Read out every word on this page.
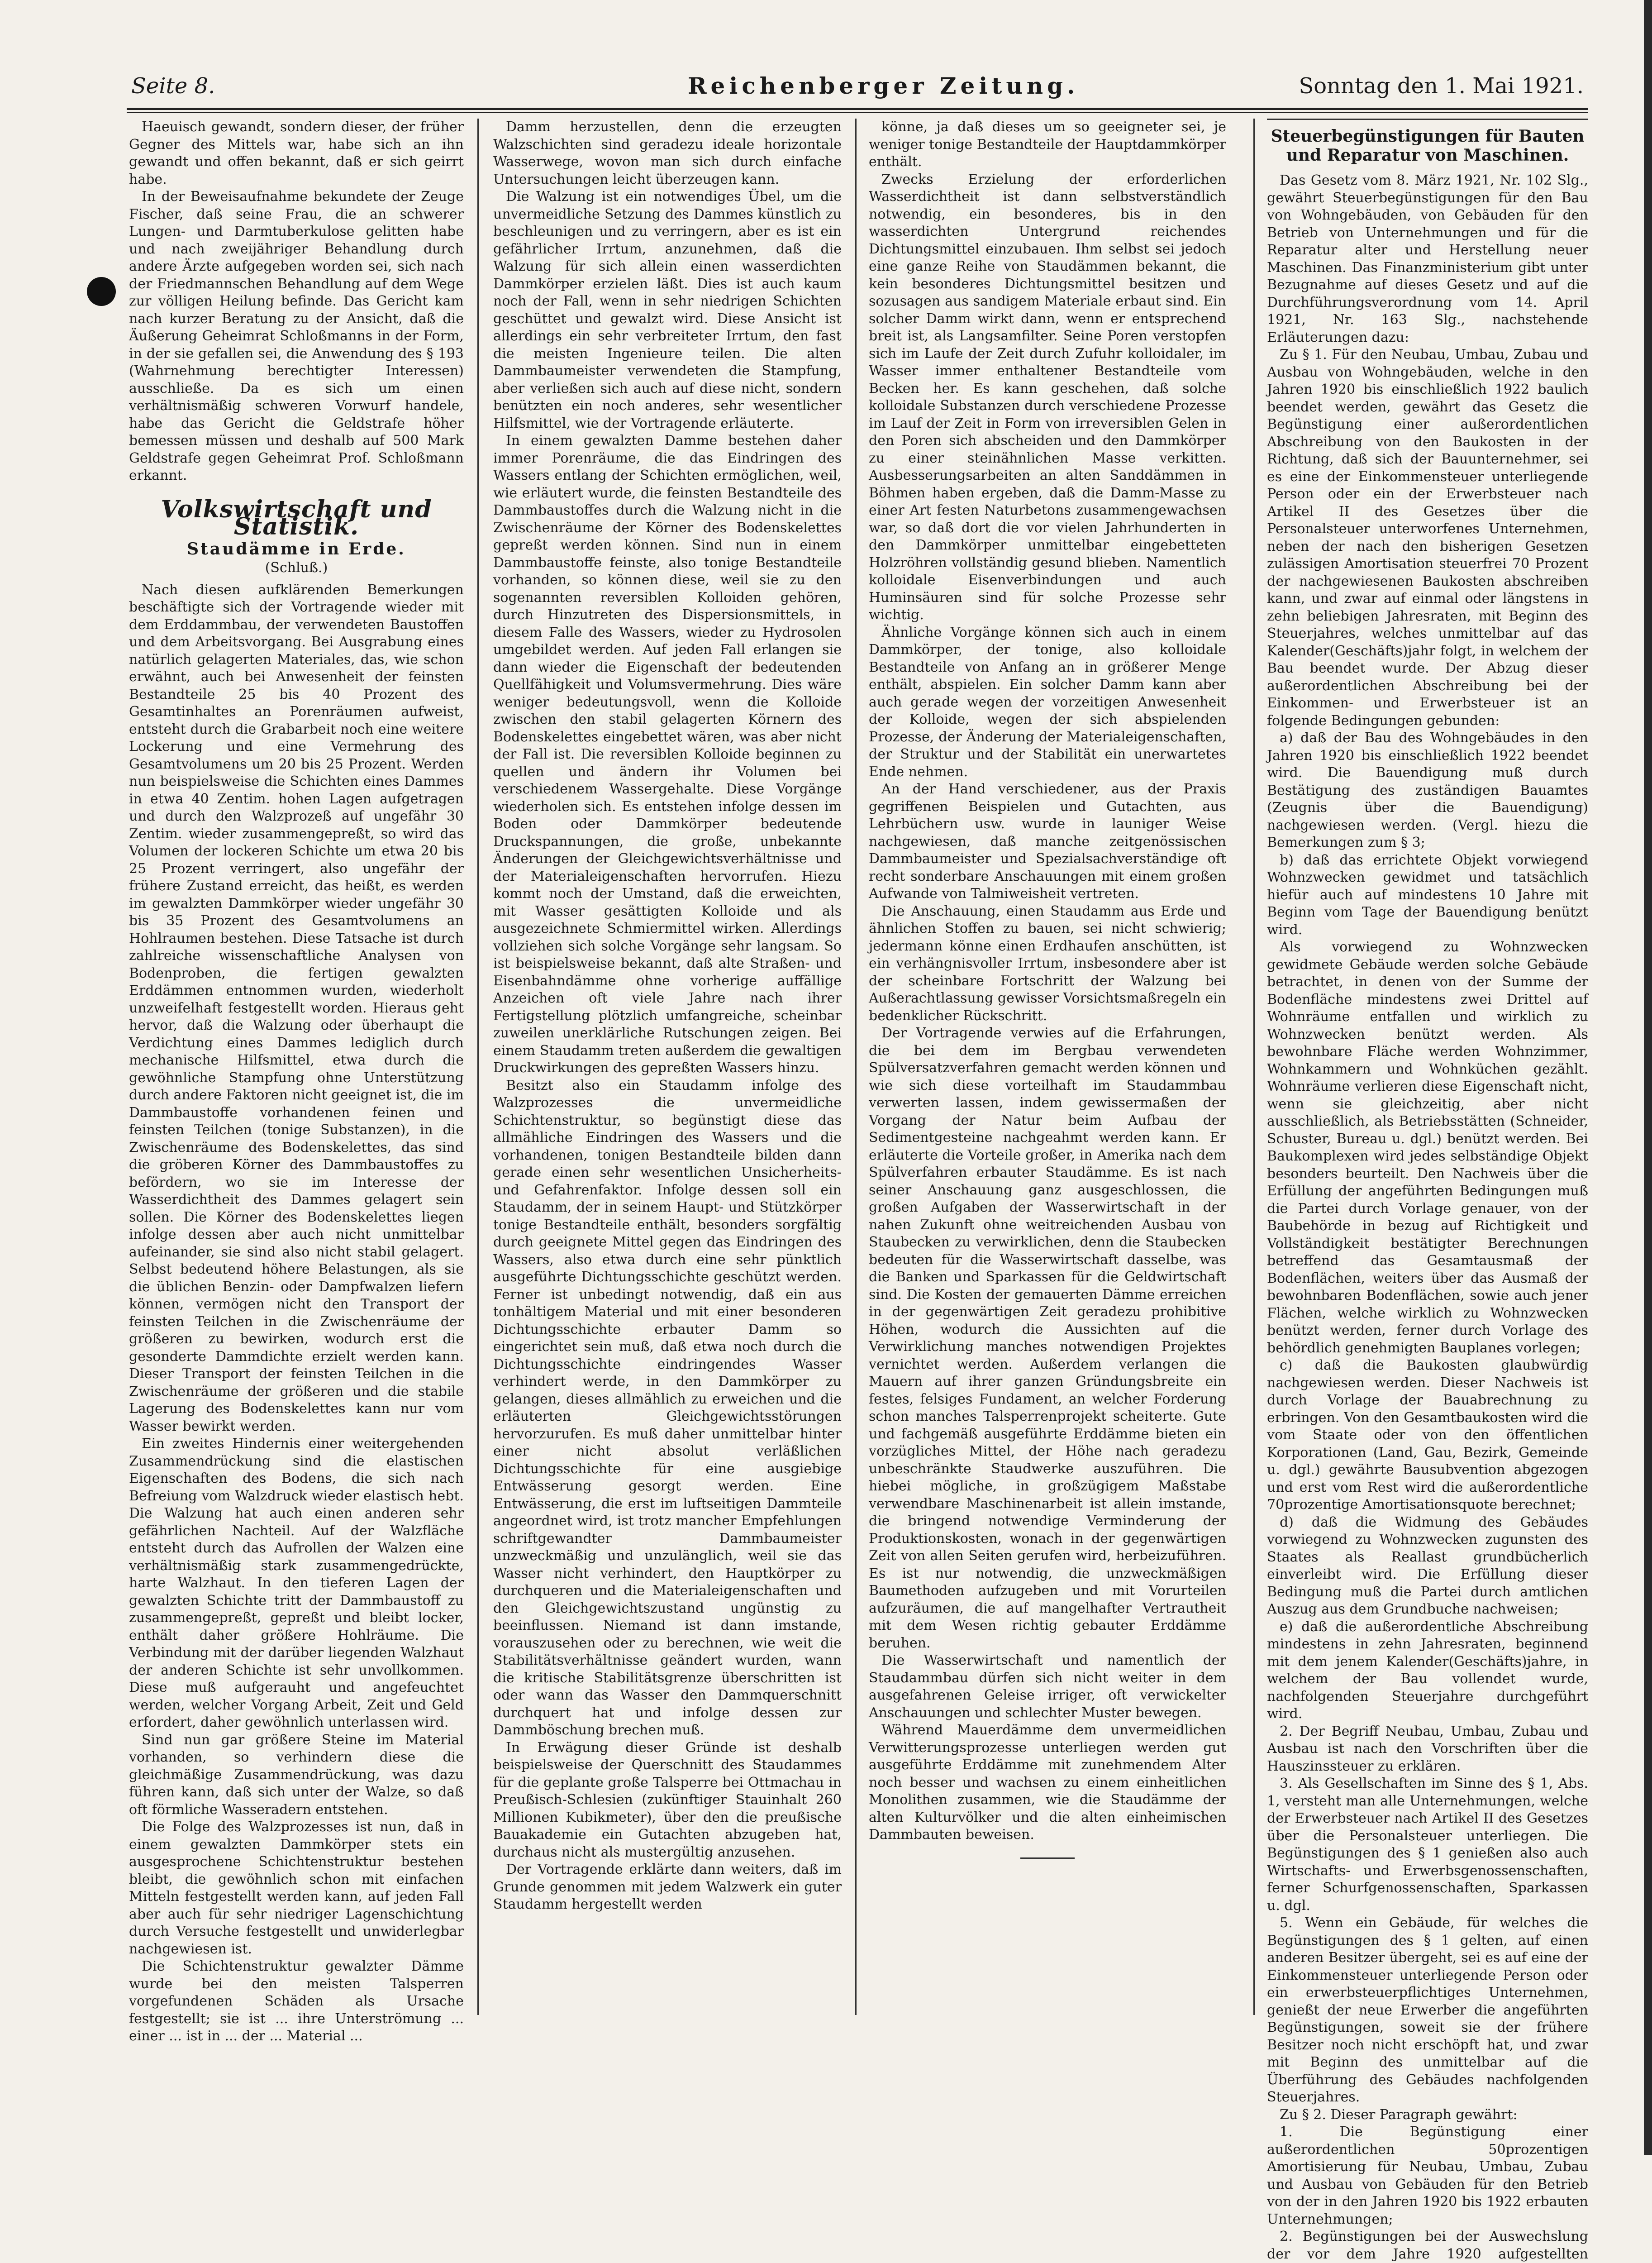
Seite 8.	Reichenberger Zeitung.	Sonntag den 1. Mai 1921.

Haeuisch gewandt, sondern dieser, der früher Gegner des Mittels war, habe sich an ihn gewandt und offen bekannt, daß er sich geirrt habe.

In der Beweisaufnahme bekundete der Zeuge Fischer, daß seine Frau, die an schwerer Lungen- und Darmtuberkulose gelitten habe und nach zweijähriger Behandlung durch andere Ärzte aufgegeben worden sei, sich nach der Friedmannschen Behandlung auf dem Wege zur völligen Heilung befinde. Das Gericht kam nach kurzer Beratung zu der Ansicht, daß die Äußerung Geheimrat Schloßmanns in der Form, in der sie gefallen sei, die Anwendung des § 193 (Wahrnehmung berechtigter Interessen) ausschließe. Da es sich um einen verhältnismäßig schweren Vorwurf handele, habe das Gericht die Geldstrafe höher bemessen müssen und deshalb auf 500 Mark Geldstrafe gegen Geheimrat Prof. Schloßmann erkannt.

Volkswirtschaft und Statistik.
Staudämme in Erde.
(Schluß.)

Nach diesen aufklärenden Bemerkungen beschäftigte sich der Vortragende wieder mit dem Erddammbau, der verwendeten Baustoffen und dem Arbeitsvorgang. Bei Ausgrabung eines natürlich gelagerten Materiales, das, wie schon erwähnt, auch bei Anwesenheit der feinsten Bestandteile 25 bis 40 Prozent des Gesamtinhaltes an Porenräumen aufweist, entsteht durch die Grabarbeit noch eine weitere Lockerung und eine Vermehrung des Gesamtvolumens um 20 bis 25 Prozent. Werden nun beispielsweise die Schichten eines Dammes in etwa 40 Zentim. hohen Lagen aufgetragen und durch den Walzprozeß auf ungefähr 30 Zentim. wieder zusammengepreßt, so wird das Volumen der lockeren Schichte um etwa 20 bis 25 Prozent verringert, also ungefähr der frühere Zustand erreicht, das heißt, es werden im gewalzten Dammkörper wieder ungefähr 30 bis 35 Prozent des Gesamtvolumens an Hohlraumen bestehen. Diese Tatsache ist durch zahlreiche wissenschaftliche Analysen von Bodenproben, die fertigen gewalzten Erddämmen entnommen wurden, wiederholt unzweifelhaft festgestellt worden. Hieraus geht hervor, daß die Walzung oder überhaupt die Verdichtung eines Dammes lediglich durch mechanische Hilfsmittel, etwa durch die gewöhnliche Stampfung ohne Unterstützung durch andere Faktoren nicht geeignet ist, die im Dammbaustoffe vorhandenen feinen und feinsten Teilchen (tonige Substanzen), in die Zwischenräume des Bodenskelettes, das sind die gröberen Körner des Dammbaustoffes zu befördern, wo sie im Interesse der Wasserdichtheit des Dammes gelagert sein sollen. Die Körner des Bodenskelettes liegen infolge dessen aber auch nicht unmittelbar aufeinander, sie sind also nicht stabil gelagert. Selbst bedeutend höhere Belastungen, als sie die üblichen Benzin- oder Dampfwalzen liefern können, vermögen nicht den Transport der feinsten Teilchen in die Zwischenräume der größeren zu bewirken, wodurch erst die gesonderte Dammdichte erzielt werden kann. Dieser Transport der feinsten Teilchen in die Zwischenräume der größeren und die stabile Lagerung des Bodenskelettes kann nur vom Wasser bewirkt werden.

Ein zweites Hindernis einer weitergehenden Zusammendrückung sind die elastischen Eigenschaften des Bodens, die sich nach Befreiung vom Walzdruck wieder elastisch hebt. Die Walzung hat auch einen anderen sehr gefährlichen Nachteil. Auf der Walzfläche entsteht durch das Aufrollen der Walzen eine verhältnismäßig stark zusammengedrückte, harte Walzhaut. In den tieferen Lagen der gewalzten Schichte tritt der Dammbaustoff zu zusammengepreßt, gepreßt und bleibt locker, enthält daher größere Hohlräume. Die Verbindung mit der darüber liegenden Walzhaut der anderen Schichte ist sehr unvollkommen. Diese muß aufgerauht und angefeuchtet werden, welcher Vorgang Arbeit, Zeit und Geld erfordert, daher gewöhnlich unterlassen wird.

Sind nun gar größere Steine im Material vorhanden, so verhindern diese die gleichmäßige Zusammendrückung, was dazu führen kann, daß sich unter der Walze, so daß oft förmliche Wasseradern entstehen.

Die Folge des Walzprozesses ist nun, daß in einem gewalzten Dammkörper stets ein ausgesprochene Schichtenstruktur bestehen bleibt, die gewöhnlich schon mit einfachen Mitteln festgestellt werden kann, auf jeden Fall aber auch für sehr niedriger Lagenschichtung durch Versuche festgestellt und unwiderlegbar nachgewiesen ist.

Die Schichtenstruktur gewalzter Dämme wurde bei den meisten Talsperren vorgefundenen Schäden als Ursache festgestellt; sie ist ... ihre Unterströmung ... einer ... ist in ... der ... Material ...

Damm herzustellen, denn die erzeugten Walzschichten sind geradezu ideale horizontale Wasserwege, wovon man sich durch einfache Untersuchungen leicht überzeugen kann.

Die Walzung ist ein notwendiges Übel, um die unvermeidliche Setzung des Dammes künstlich zu beschleunigen und zu verringern, aber es ist ein gefährlicher Irrtum, anzunehmen, daß die Walzung für sich allein einen wasserdichten Dammkörper erzielen läßt. Dies ist auch kaum noch der Fall, wenn in sehr niedrigen Schichten geschüttet und gewalzt wird. Diese Ansicht ist allerdings ein sehr verbreiteter Irrtum, den fast die meisten Ingenieure teilen. Die alten Dammbaumeister verwendeten die Stampfung, aber verließen sich auch auf diese nicht, sondern benützten ein noch anderes, sehr wesentlicher Hilfsmittel, wie der Vortragende erläuterte.

In einem gewalzten Damme bestehen daher immer Porenräume, die das Eindringen des Wassers entlang der Schichten ermöglichen, weil, wie erläutert wurde, die feinsten Bestandteile des Dammbaustoffes durch die Walzung nicht in die Zwischenräume der Körner des Bodenskelettes gepreßt werden können. Sind nun in einem Dammbaustoffe feinste, also tonige Bestandteile vorhanden, so können diese, weil sie zu den sogenannten reversiblen Kolloiden gehören, durch Hinzutreten des Dispersionsmittels, in diesem Falle des Wassers, wieder zu Hydrosolen umgebildet werden. Auf jeden Fall erlangen sie dann wieder die Eigenschaft der bedeutenden Quellfähigkeit und Volumsvermehrung. Dies wäre weniger bedeutungsvoll, wenn die Kolloide zwischen den stabil gelagerten Körnern des Bodenskelettes eingebettet wären, was aber nicht der Fall ist. Die reversiblen Kolloide beginnen zu quellen und ändern ihr Volumen bei verschiedenem Wassergehalte. Diese Vorgänge wiederholen sich. Es entstehen infolge dessen im Boden oder Dammkörper bedeutende Druckspannungen, die große, unbekannte Änderungen der Gleichgewichtsverhältnisse und der Materialeigenschaften hervorrufen. Hiezu kommt noch der Umstand, daß die erweichten, mit Wasser gesättigten Kolloide und als ausgezeichnete Schmiermittel wirken. Allerdings vollziehen sich solche Vorgänge sehr langsam. So ist beispielsweise bekannt, daß alte Straßen- und Eisenbahndämme ohne vorherige auffällige Anzeichen oft viele Jahre nach ihrer Fertigstellung plötzlich umfangreiche, scheinbar zuweilen unerklärliche Rutschungen zeigen. Bei einem Staudamm treten außerdem die gewaltigen Druckwirkungen des gepreßten Wassers hinzu.

Besitzt also ein Staudamm infolge des Walzprozesses die unvermeidliche Schichtenstruktur, so begünstigt diese das allmähliche Eindringen des Wassers und die vorhandenen, tonigen Bestandteile bilden dann gerade einen sehr wesentlichen Unsicherheits- und Gefahrenfaktor. Infolge dessen soll ein Staudamm, der in seinem Haupt- und Stützkörper tonige Bestandteile enthält, besonders sorgfältig durch geeignete Mittel gegen das Eindringen des Wassers, also etwa durch eine sehr pünktlich ausgeführte Dichtungsschichte geschützt werden. Ferner ist unbedingt notwendig, daß ein aus tonhältigem Material und mit einer besonderen Dichtungsschichte erbauter Damm so eingerichtet sein muß, daß etwa noch durch die Dichtungsschichte eindringendes Wasser verhindert werde, in den Dammkörper zu gelangen, dieses allmählich zu erweichen und die erläuterten Gleichgewichtsstörungen hervorzurufen. Es muß daher unmittelbar hinter einer nicht absolut verläßlichen Dichtungsschichte für eine ausgiebige Entwässerung gesorgt werden. Eine Entwässerung, die erst im luftseitigen Dammteile angeordnet wird, ist trotz mancher Empfehlungen schriftgewandter Dammbaumeister unzweckmäßig und unzulänglich, weil sie das Wasser nicht verhindert, den Hauptkörper zu durchqueren und die Materialeigenschaften und den Gleichgewichtszustand ungünstig zu beeinflussen. Niemand ist dann imstande, vorauszusehen oder zu berechnen, wie weit die Stabilitätsverhältnisse geändert wurden, wann die kritische Stabilitätsgrenze überschritten ist oder wann das Wasser den Dammquerschnitt durchquert hat und infolge dessen zur Dammböschung brechen muß.

In Erwägung dieser Gründe ist deshalb beispielsweise der Querschnitt des Staudammes für die geplante große Talsperre bei Ottmachau in Preußisch-Schlesien (zukünftiger Stauinhalt 260 Millionen Kubikmeter), über den die preußische Bauakademie ein Gutachten abzugeben hat, durchaus nicht als mustergültig anzusehen.

Der Vortragende erklärte dann weiters, daß im Grunde genommen mit jedem Walzwerk ein guter Staudamm hergestellt werden

könne, ja daß dieses um so geeigneter sei, je weniger tonige Bestandteile der Hauptdammkörper enthält.

Zwecks Erzielung der erforderlichen Wasserdichtheit ist dann selbstverständlich notwendig, ein besonderes, bis in den wasserdichten Untergrund reichendes Dichtungsmittel einzubauen. Ihm selbst sei jedoch eine ganze Reihe von Staudämmen bekannt, die kein besonderes Dichtungsmittel besitzen und sozusagen aus sandigem Materiale erbaut sind. Ein solcher Damm wirkt dann, wenn er entsprechend breit ist, als Langsamfilter. Seine Poren verstopfen sich im Laufe der Zeit durch Zufuhr kolloidaler, im Wasser immer enthaltener Bestandteile vom Becken her. Es kann geschehen, daß solche kolloidale Substanzen durch verschiedene Prozesse im Lauf der Zeit in Form von irreversiblen Gelen in den Poren sich abscheiden und den Dammkörper zu einer steinähnlichen Masse verkitten. Ausbesserungsarbeiten an alten Sanddämmen in Böhmen haben ergeben, daß die Damm-Masse zu einer Art festen Naturbetons zusammengewachsen war, so daß dort die vor vielen Jahrhunderten in den Dammkörper unmittelbar eingebetteten Holzröhren vollständig gesund blieben. Namentlich kolloidale Eisenverbindungen und auch Huminsäuren sind für solche Prozesse sehr wichtig.

Ähnliche Vorgänge können sich auch in einem Dammkörper, der tonige, also kolloidale Bestandteile von Anfang an in größerer Menge enthält, abspielen. Ein solcher Damm kann aber auch gerade wegen der vorzeitigen Anwesenheit der Kolloide, wegen der sich abspielenden Prozesse, der Änderung der Materialeigenschaften, der Struktur und der Stabilität ein unerwartetes Ende nehmen.

An der Hand verschiedener, aus der Praxis gegriffenen Beispielen und Gutachten, aus Lehrbüchern usw. wurde in launiger Weise nachgewiesen, daß manche zeitgenössischen Dammbaumeister und Spezialsachverständige oft recht sonderbare Anschauungen mit einem großen Aufwande von Talmiweisheit vertreten.

Die Anschauung, einen Staudamm aus Erde und ähnlichen Stoffen zu bauen, sei nicht schwierig; jedermann könne einen Erdhaufen anschütten, ist ein verhängnisvoller Irrtum, insbesondere aber ist der scheinbare Fortschritt der Walzung bei Außerachtlassung gewisser Vorsichtsmaßregeln ein bedenklicher Rückschritt.

Der Vortragende verwies auf die Erfahrungen, die bei dem im Bergbau verwendeten Spülversatzverfahren gemacht werden können und wie sich diese vorteilhaft im Staudammbau verwerten lassen, indem gewissermaßen der Vorgang der Natur beim Aufbau der Sedimentgesteine nachgeahmt werden kann. Er erläuterte die Vorteile großer, in Amerika nach dem Spülverfahren erbauter Staudämme. Es ist nach seiner Anschauung ganz ausgeschlossen, die großen Aufgaben der Wasserwirtschaft in der nahen Zukunft ohne weitreichenden Ausbau von Staubecken zu verwirklichen, denn die Staubecken bedeuten für die Wasserwirtschaft dasselbe, was die Banken und Sparkassen für die Geldwirtschaft sind. Die Kosten der gemauerten Dämme erreichen in der gegenwärtigen Zeit geradezu prohibitive Höhen, wodurch die Aussichten auf die Verwirklichung manches notwendigen Projektes vernichtet werden. Außerdem verlangen die Mauern auf ihrer ganzen Gründungsbreite ein festes, felsiges Fundament, an welcher Forderung schon manches Talsperrenprojekt scheiterte. Gute und fachgemäß ausgeführte Erddämme bieten ein vorzügliches Mittel, der Höhe nach geradezu unbeschränkte Staudwerke auszuführen. Die hiebei mögliche, in großzügigem Maßstabe verwendbare Maschinenarbeit ist allein imstande, die bringend notwendige Verminderung der Produktionskosten, wonach in der gegenwärtigen Zeit von allen Seiten gerufen wird, herbeizuführen. Es ist nur notwendig, die unzweckmäßigen Baumethoden aufzugeben und mit Vorurteilen aufzuräumen, die auf mangelhafter Vertrautheit mit dem Wesen richtig gebauter Erddämme beruhen.

Die Wasserwirtschaft und namentlich der Staudammbau dürfen sich nicht weiter in dem ausgefahrenen Geleise irriger, oft verwickelter Anschauungen und schlechter Muster bewegen.

Während Mauerdämme dem unvermeidlichen Verwitterungsprozesse unterliegen werden gut ausgeführte Erddämme mit zunehmendem Alter noch besser und wachsen zu einem einheitlichen Monolithen zusammen, wie die Staudämme der alten Kulturvölker und die alten einheimischen Dammbauten beweisen.

Steuerbegünstigungen für Bauten und Reparatur von Maschinen.

Das Gesetz vom 8. März 1921, Nr. 102 Slg., gewährt Steuerbegünstigungen für den Bau von Wohngebäuden, von Gebäuden für den Betrieb von Unternehmungen und für die Reparatur alter und Herstellung neuer Maschinen. Das Finanzministerium gibt unter Bezugnahme auf dieses Gesetz und auf die Durchführungsverordnung vom 14. April 1921, Nr. 163 Slg., nachstehende Erläuterungen dazu:

Zu § 1. Für den Neubau, Umbau, Zubau und Ausbau von Wohngebäuden, welche in den Jahren 1920 bis einschließlich 1922 baulich beendet werden, gewährt das Gesetz die Begünstigung einer außerordentlichen Abschreibung von den Baukosten in der Richtung, daß sich der Bauunternehmer, sei es eine der Einkommensteuer unterliegende Person oder ein der Erwerbsteuer nach Artikel II des Gesetzes über die Personalsteuer unterworfenes Unternehmen, neben der nach den bisherigen Gesetzen zulässigen Amortisation steuerfrei 70 Prozent der nachgewiesenen Baukosten abschreiben kann, und zwar auf einmal oder längstens in zehn beliebigen Jahresraten, mit Beginn des Steuerjahres, welches unmittelbar auf das Kalender(Geschäfts)jahr folgt, in welchem der Bau beendet wurde. Der Abzug dieser außerordentlichen Abschreibung bei der Einkommen- und Erwerbsteuer ist an folgende Bedingungen gebunden:

a) daß der Bau des Wohngebäudes in den Jahren 1920 bis einschließlich 1922 beendet wird. Die Bauendigung muß durch Bestätigung des zuständigen Bauamtes (Zeugnis über die Bauendigung) nachgewiesen werden. (Vergl. hiezu die Bemerkungen zum § 3;

b) daß das errichtete Objekt vorwiegend Wohnzwecken gewidmet und tatsächlich hiefür auch auf mindestens 10 Jahre mit Beginn vom Tage der Bauendigung benützt wird.

Als vorwiegend zu Wohnzwecken gewidmete Gebäude werden solche Gebäude betrachtet, in denen von der Summe der Bodenfläche mindestens zwei Drittel auf Wohnräume entfallen und wirklich zu Wohnzwecken benützt werden. Als bewohnbare Fläche werden Wohnzimmer, Wohnkammern und Wohnküchen gezählt. Wohnräume verlieren diese Eigenschaft nicht, wenn sie gleichzeitig, aber nicht ausschließlich, als Betriebsstätten (Schneider, Schuster, Bureau u. dgl.) benützt werden. Bei Baukomplexen wird jedes selbständige Objekt besonders beurteilt. Den Nachweis über die Erfüllung der angeführten Bedingungen muß die Partei durch Vorlage genauer, von der Baubehörde in bezug auf Richtigkeit und Vollständigkeit bestätigter Berechnungen betreffend das Gesamtausmaß der Bodenflächen, weiters über das Ausmaß der bewohnbaren Bodenflächen, sowie auch jener Flächen, welche wirklich zu Wohnzwecken benützt werden, ferner durch Vorlage des behördlich genehmigten Bauplanes vorlegen;

c) daß die Baukosten glaubwürdig nachgewiesen werden. Dieser Nachweis ist durch Vorlage der Bauabrechnung zu erbringen. Von den Gesamtbaukosten wird die vom Staate oder von den öffentlichen Korporationen (Land, Gau, Bezirk, Gemeinde u. dgl.) gewährte Bausubvention abgezogen und erst vom Rest wird die außerordentliche 70prozentige Amortisationsquote berechnet;

d) daß die Widmung des Gebäudes vorwiegend zu Wohnzwecken zugunsten des Staates als Reallast grundbücherlich einverleibt wird. Die Erfüllung dieser Bedingung muß die Partei durch amtlichen Auszug aus dem Grundbuche nachweisen;

e) daß die außerordentliche Abschreibung mindestens in zehn Jahresraten, beginnend mit dem jenem Kalender(Geschäfts)jahre, in welchem der Bau vollendet wurde, nachfolgenden Steuerjahre durchgeführt wird.

2. Der Begriff Neubau, Umbau, Zubau und Ausbau ist nach den Vorschriften über die Hauszinssteuer zu erklären.

3. Als Gesellschaften im Sinne des § 1, Abs. 1, versteht man alle Unternehmungen, welche der Erwerbsteuer nach Artikel II des Gesetzes über die Personalsteuer unterliegen. Die Begünstigungen des § 1 genießen also auch Wirtschafts- und Erwerbsgenossenschaften, ferner Schurfgenossenschaften, Sparkassen u. dgl.

5. Wenn ein Gebäude, für welches die Begünstigungen des § 1 gelten, auf einen anderen Besitzer übergeht, sei es auf eine der Einkommensteuer unterliegende Person oder ein erwerbsteuerpflichtiges Unternehmen, genießt der neue Erwerber die angeführten Begünstigungen, soweit sie der frühere Besitzer noch nicht erschöpft hat, und zwar mit Beginn des unmittelbar auf die Überführung des Gebäudes nachfolgenden Steuerjahres.

Zu § 2. Dieser Paragraph gewährt:

1. Die Begünstigung einer außerordentlichen 50prozentigen Amortisierung für Neubau, Umbau, Zubau und Ausbau von Gebäuden für den Betrieb von der in den Jahren 1920 bis 1922 erbauten Unternehmungen;

2. Begünstigungen bei der Auswechslung der vor dem Jahre 1920 aufgestellten
